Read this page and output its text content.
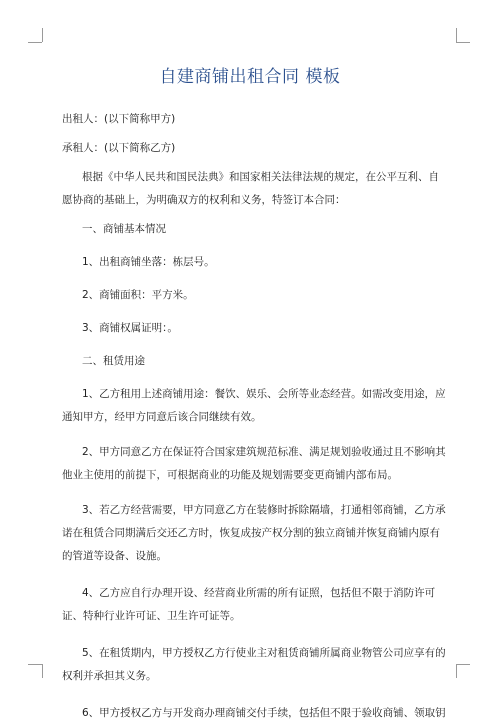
自建商铺出租合同 模板

出租人：(以下简称甲方)

承租人：(以下简称乙方)

根据《中华人民共和国民法典》和国家相关法律法规的规定，在公平互利、自愿协商的基础上，为明确双方的权利和义务，特签订本合同：

一、商铺基本情况

1、出租商铺坐落：栋层号。

2、商铺面积：平方米。

3、商铺权属证明：。

二、租赁用途

1、乙方租用上述商铺用途：餐饮、娱乐、会所等业态经营。如需改变用途，应通知甲方，经甲方同意后该合同继续有效。

2、甲方同意乙方在保证符合国家建筑规范标准、满足规划验收通过且不影响其他业主使用的前提下，可根据商业的功能及规划需要变更商铺内部布局。

3、若乙方经营需要，甲方同意乙方在装修时拆除隔墙，打通相邻商铺，乙方承诺在租赁合同期满后交还乙方时，恢复成按产权分割的独立商铺并恢复商铺内原有的管道等设备、设施。

4、乙方应自行办理开设、经营商业所需的所有证照，包括但不限于消防许可证、特种行业许可证、卫生许可证等。

5、在租赁期内，甲方授权乙方行使业主对租赁商铺所属商业物管公司应享有的权利并承担其义务。

6、甲方授权乙方与开发商办理商铺交付手续，包括但不限于验收商铺、领取钥
